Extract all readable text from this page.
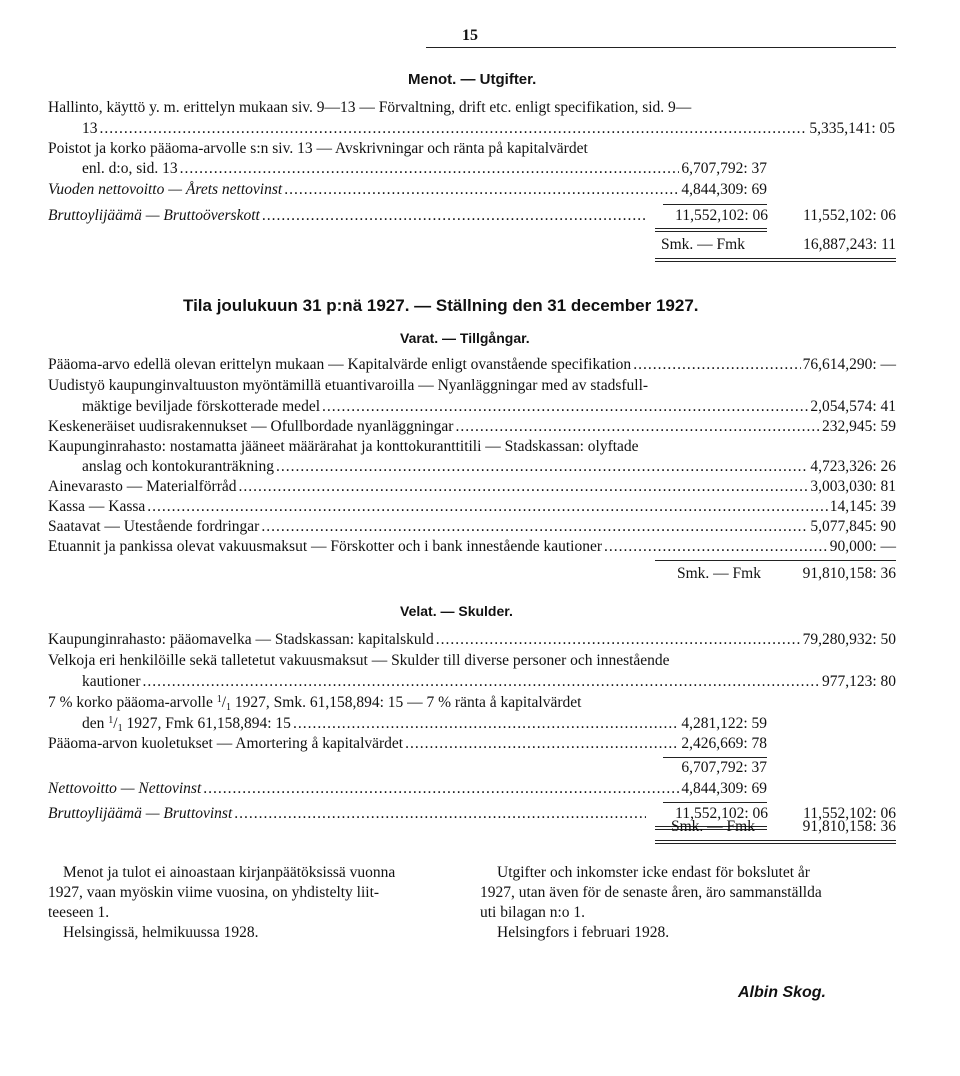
15
Menot. — Utgifter.
Hallinto, käyttö y. m. erittelyn mukaan siv. 9—13 — Förvaltning, drift etc. enligt specifikation, sid. 9—
13 .....	5,335,141: 05
Poistot ja korko pääoma-arvolle s:n siv. 13 — Avskrivningar och ränta på kapitalvärdet
enl. d:o, sid. 13 .....	6,707,792: 37
Vuoden nettovoitto — Årets nettovinst .....	4,844,309: 69
Bruttoylijäämä — Bruttoöverskott .....	11,552,102: 06	11,552,102: 06
Smk. — Fmk	16,887,243: 11
Tila joulukuun 31 p:nä 1927. — Ställning den 31 december 1927.
Varat. — Tillgångar.
Pääoma-arvo edellä olevan erittelyn mukaan — Kapitalvärde enligt ovanstående specifikation .....	76,614,290: —
Uudistyö kaupunginvaltuuston myöntämillä etuantivaroilla — Nyanläggningar med av stadsfull-
mäktige beviljade förskotterade medel .....	2,054,574: 41
Keskeneräiset uudisrakennukset — Ofullbordade nyanläggningar .....	232,945: 59
Kaupunginrahasto: nostamatta jääneet määrärahat ja konttokuranttitili — Stadskassan: olyftade
anslag och kontokuranträkning .....	4,723,326: 26
Ainevarasto — Materialförråd .....	3,003,030: 81
Kassa — Kassa .....	14,145: 39
Saatavat — Utestående fordringar .....	5,077,845: 90
Etuannit ja pankissa olevat vakuusmaksut — Förskotter och i bank innestående kautioner .....	90,000: —
Smk. — Fmk	91,810,158: 36
Velat. — Skulder.
Kaupunginrahasto: pääomavelka — Stadskassan: kapitalskuld .....	79,280,932: 50
Velkoja eri henkilöille sekä talletetut vakuusmaksut — Skulder till diverse personer och innestående
kautioner .....	977,123: 80
7 % korko pääoma-arvolle $^1/_1$ 1927, Smk. 61,158,894: 15 — 7 % ränta å kapitalvärdet
den $^1/_1$ 1927, Fmk 61,158,894: 15 .....	4,281,122: 59
Pääoma-arvon kuoletukset — Amortering å kapitalvärdet .....	2,426,669: 78
6,707,792: 37
Nettovoitto — Nettovinst .....	4,844,309: 69
Bruttoylijäämä — Bruttovinst .....	11,552,102: 06	11,552,102: 06
Smk. — Fmk	91,810,158: 36
Menot ja tulot ei ainoastaan kirjanpäätöksissä vuonna
1927, vaan myöskin viime vuosina, on yhdistelty liit-
teeseen 1.
Helsingissä, helmikuussa 1928.
Utgifter och inkomster icke endast för bokslutet år
1927, utan även för de senaste åren, äro sammanställda
uti bilagan n:o 1.
Helsingfors i februari 1928.
Albin Skog.
